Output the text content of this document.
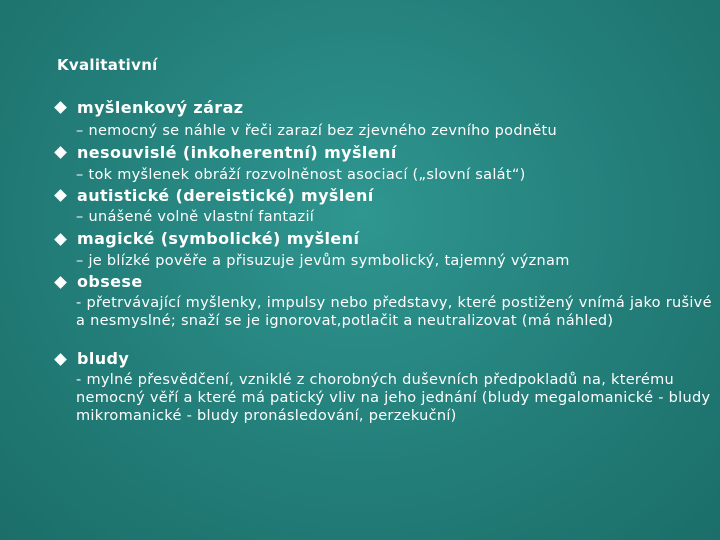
Kvalitativní
myšlenkový záraz
– nemocný se náhle v řeči zarazí bez zjevného zevního podnětu
nesouvislé (inkoherentní) myšlení
– tok myšlenek obráží rozvolněnost asociací („slovní salát“)
autistické (dereistické) myšlení
– unášené volně vlastní fantazií
magické (symbolické) myšlení
– je blízké pověře a přisuzuje jevům symbolický, tajemný význam
obsese
- přetrvávající myšlenky, impulsy nebo představy, které postižený vnímá jako rušivé a nesmyslné; snaží se je ignorovat,potlačit a neutralizovat (má náhled)
bludy
- mylné přesvědčení, vzniklé z chorobných duševních předpokladů na, kterému nemocný věří a které má patický vliv na jeho jednání (bludy megalomanické - bludy mikromanické - bludy pronásledování, perzekuční)
